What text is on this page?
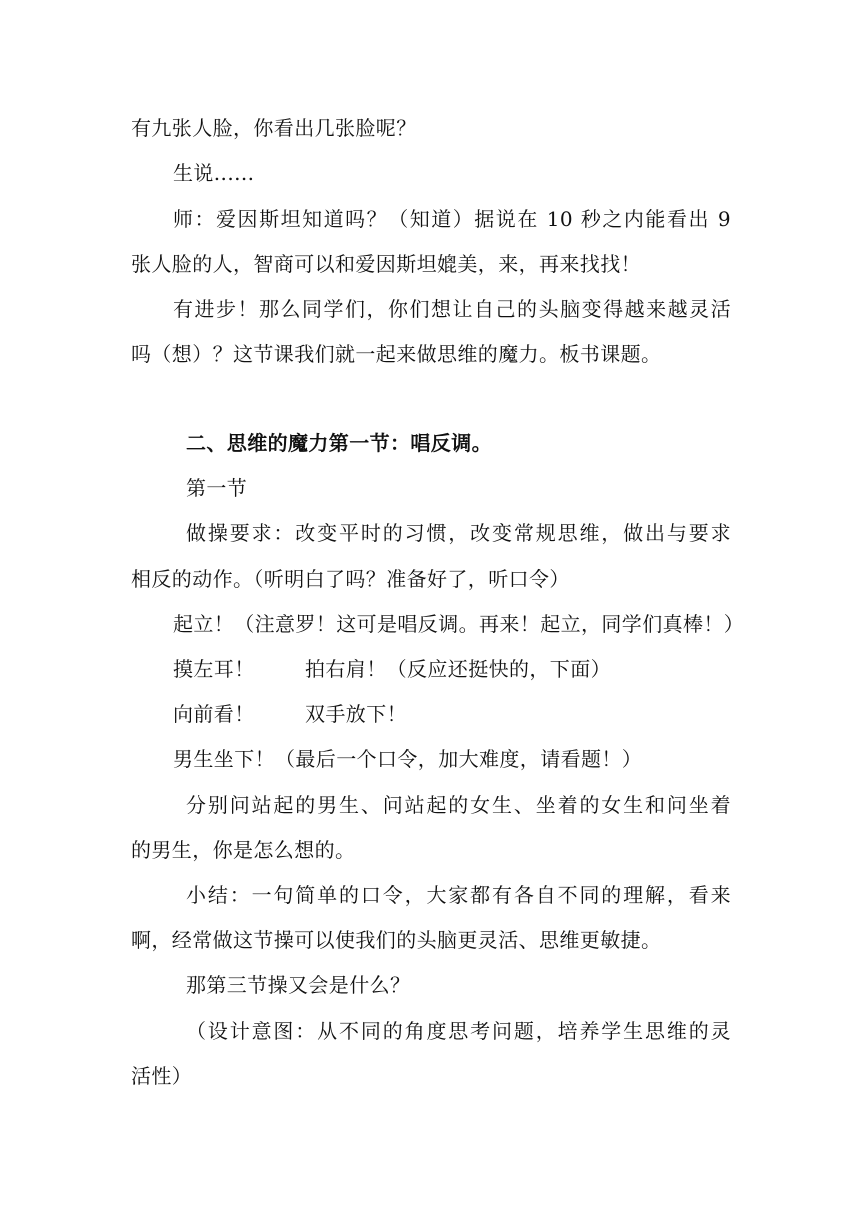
有九张人脸，你看出几张脸呢？
生说......
师：爱因斯坦知道吗？（知道）据说在 10 秒之内能看出 9
张人脸的人，智商可以和爱因斯坦媲美，来，再来找找！
有进步！那么同学们，你们想让自己的头脑变得越来越灵活
吗（想）？这节课我们就一起来做思维的魔力。板书课题。
二、思维的魔力第一节：唱反调。
第一节
做操要求：改变平时的习惯，改变常规思维，做出与要求
相反的动作。（听明白了吗？准备好了，听口令）
起立！（注意罗！这可是唱反调。再来！起立，同学们真棒！）
摸左耳！	拍右肩！（反应还挺快的，下面）
向前看！	双手放下！
男生坐下！（最后一个口令，加大难度，请看题！）
分别问站起的男生、问站起的女生、坐着的女生和问坐着
的男生，你是怎么想的。
小结：一句简单的口令，大家都有各自不同的理解，看来
啊，经常做这节操可以使我们的头脑更灵活、思维更敏捷。
那第三节操又会是什么？
（设计意图：从不同的角度思考问题，培养学生思维的灵
活性）
